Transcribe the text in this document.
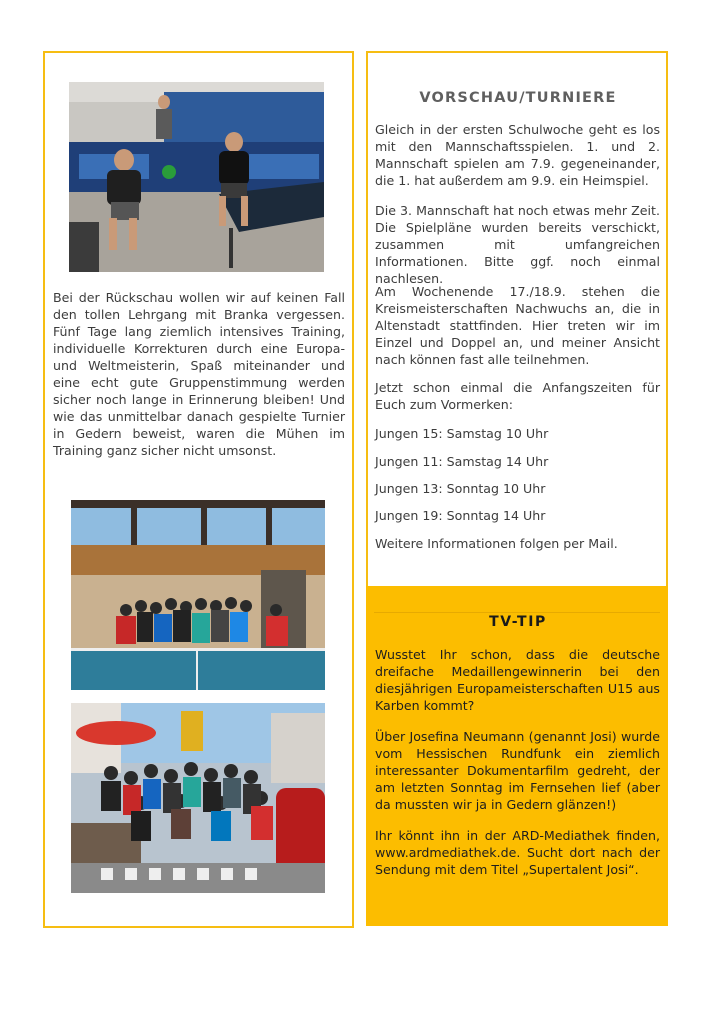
Bei der Rückschau wollen wir auf keinen Fall den tollen Lehrgang mit Branka vergessen. Fünf Tage lang ziemlich intensives Training, individuelle Korrekturen durch eine Europa- und Weltmeisterin, Spaß miteinander und eine echt gute Gruppenstimmung werden sicher noch lange in Erinnerung bleiben! Und wie das unmittelbar danach gespielte Turnier in Gedern beweist, waren die Mühen im Training ganz sicher nicht umsonst.

VORSCHAU/TURNIERE

Gleich in der ersten Schulwoche geht es los mit den Mannschaftsspielen. 1. und 2. Mannschaft spielen am 7.9. gegeneinander, die 1. hat außerdem am 9.9. ein Heimspiel.

Die 3. Mannschaft hat noch etwas mehr Zeit. Die Spielpläne wurden bereits verschickt, zusammen mit umfangreichen Informationen. Bitte ggf. noch einmal nachlesen.

Am Wochenende 17./18.9. stehen die Kreismeisterschaften Nachwuchs an, die in Altenstadt stattfinden. Hier treten wir im Einzel und Doppel an, und meiner Ansicht nach können fast alle teilnehmen.

Jetzt schon einmal die Anfangszeiten für Euch zum Vormerken:

Jungen 15: Samstag 10 Uhr

Jungen 11: Samstag 14 Uhr

Jungen 13: Sonntag 10 Uhr

Jungen 19: Sonntag 14 Uhr

Weitere Informationen folgen per Mail.

TV-TIP

Wusstet Ihr schon, dass die deutsche dreifache Medaillengewinnerin bei den diesjährigen Europameisterschaften U15 aus Karben kommt?

Über Josefina Neumann (genannt Josi) wurde vom Hessischen Rundfunk ein ziemlich interessanter Dokumentarfilm gedreht, der am letzten Sonntag im Fernsehen lief (aber da mussten wir ja in Gedern glänzen!)

Ihr könnt ihn in der ARD-Mediathek finden, www.ardmediathek.de. Sucht dort nach der Sendung mit dem Titel „Supertalent Josi“.
